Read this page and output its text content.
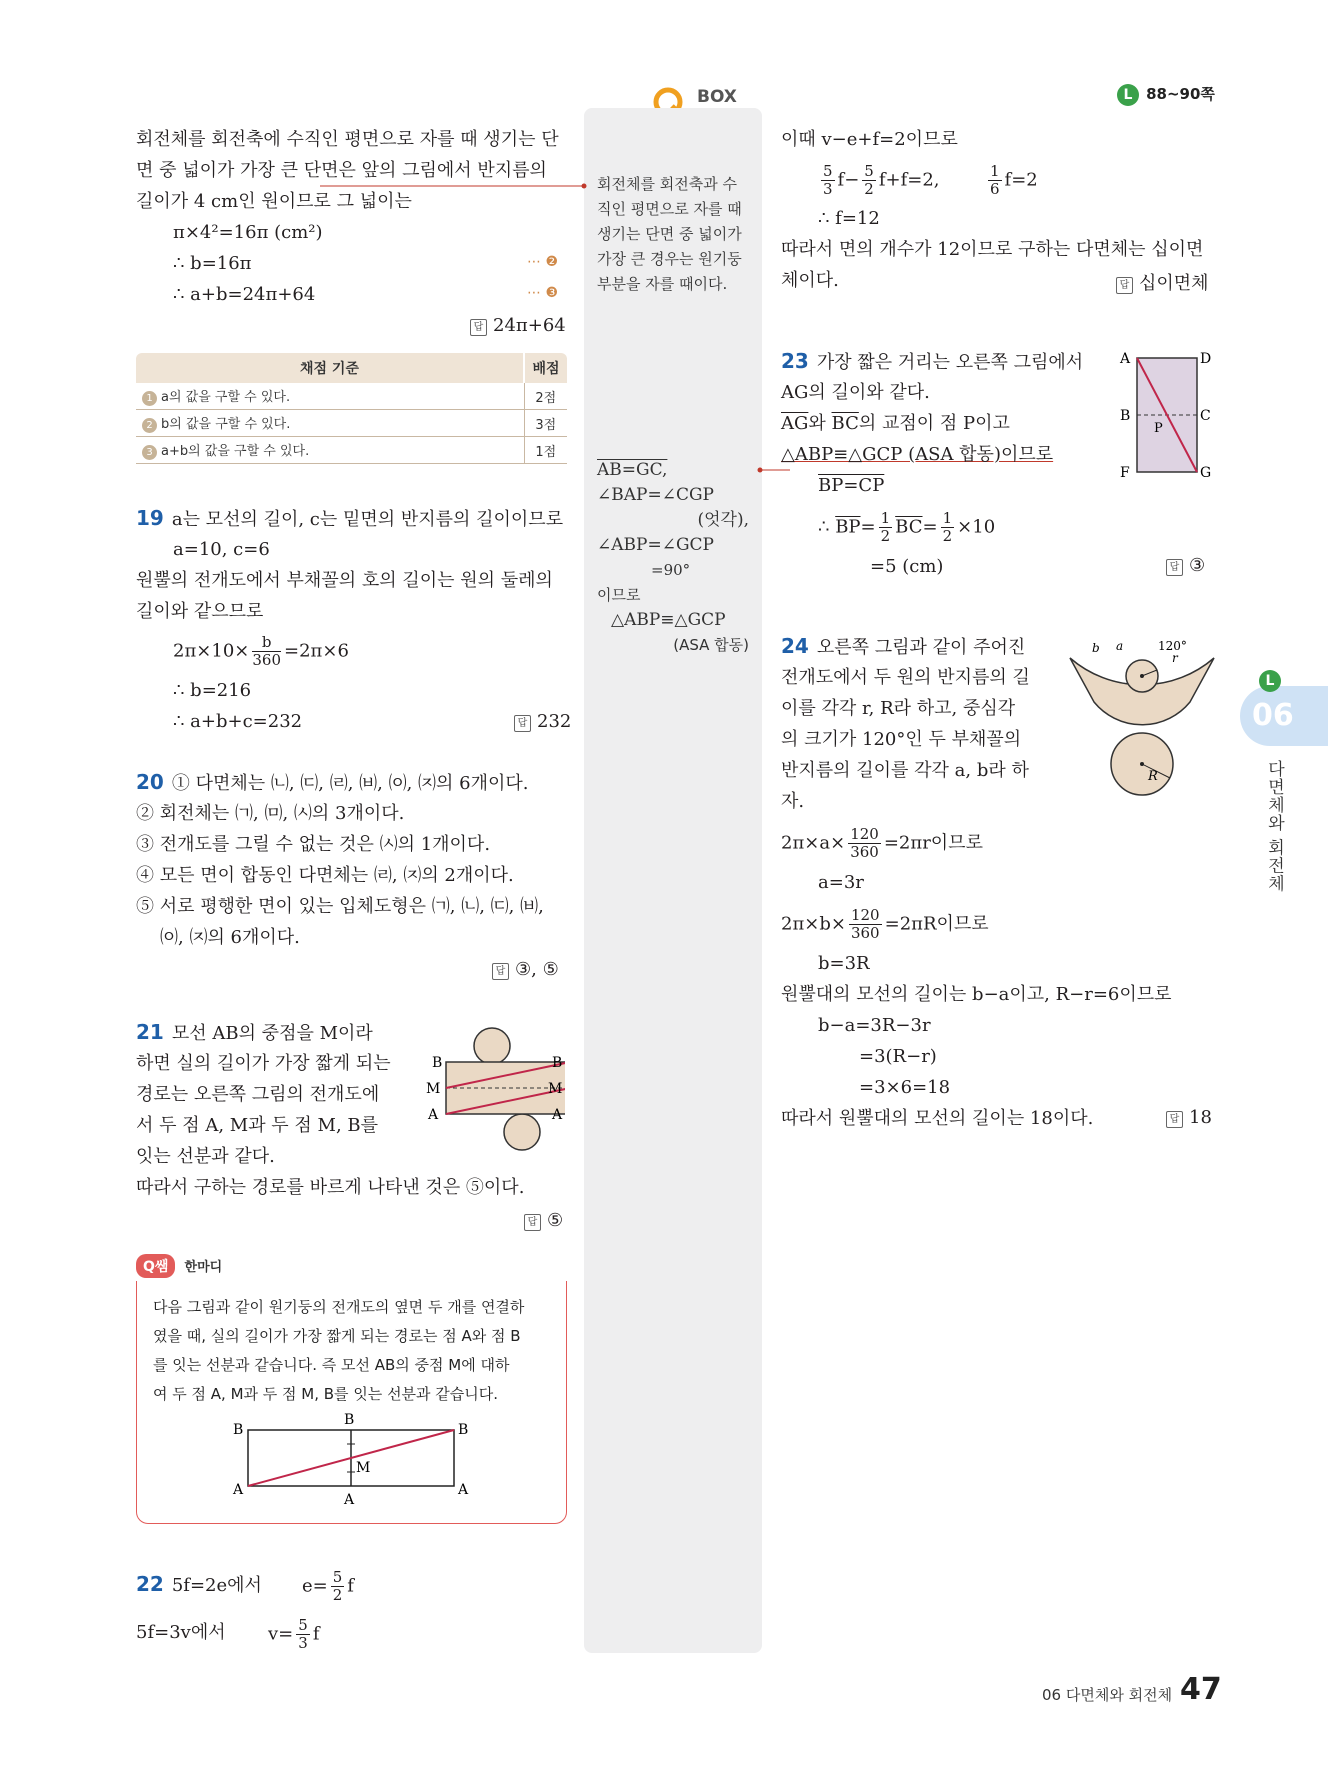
BOX	L 88~90쪽
회전체를 회전축과 수
직인 평면으로 자를 때
생기는 단면 중 넓이가
가장 큰 경우는 원기둥
부분을 자를 때이다.
AB=GC,
∠BAP=∠CGP
(엇각),
∠ABP=∠GCP
=90°
이므로
△ABP≡△GCP
(ASA 합동)
회전체를 회전축에 수직인 평면으로 자를 때 생기는 단
면 중 넓이가 가장 큰 단면은 앞의 그림에서 반지름의
길이가 4 cm인 원이므로 그 넓이는
π×4²=16π (cm²)
∴ b=16π	⋯ ❷
∴ a+b=24π+64	⋯ ❸
답 24π+64
채점 기준	배점
1 a의 값을 구할 수 있다.	2점
2 b의 값을 구할 수 있다.	3점
3 a+b의 값을 구할 수 있다.	1점
19 a는 모선의 길이, c는 밑면의 반지름의 길이이므로
a=10, c=6
원뿔의 전개도에서 부채꼴의 호의 길이는 원의 둘레의
길이와 같으므로
$2\pi\times 10\times \frac{b}{360} =2\pi\times 6$
∴ b=216
∴ a+b+c=232	답 232
20 ① 다면체는 ㈁, ㈂, ㈃, ㈅, ㈇, ㈈의 6개이다.
② 회전체는 ㈀, ㈄, ㈆의 3개이다.
③ 전개도를 그릴 수 없는 것은 ㈆의 1개이다.
④ 모든 면이 합동인 다면체는 ㈃, ㈈의 2개이다.
⑤ 서로 평행한 면이 있는 입체도형은 ㈀, ㈁, ㈂, ㈅,
㈇, ㈈의 6개이다.
답 ③, ⑤
21 모선 AB의 중점을 M이라
하면 실의 길이가 가장 짧게 되는
경로는 오른쪽 그림의 전개도에
서 두 점 A, M과 두 점 M, B를
잇는 선분과 같다.
따라서 구하는 경로를 바르게 나타낸 것은 ⑤이다.
답 ⑤
B
M
A
B
M
A
Q쌤 한마디
다음 그림과 같이 원기둥의 전개도의 옆면 두 개를 연결하
였을 때, 실의 길이가 가장 짧게 되는 경로는 점 A와 점 B
를 잇는 선분과 같습니다. 즉 모선 AB의 중점 M에 대하
여 두 점 A, M과 두 점 M, B를 잇는 선분과 같습니다.
B
B
B
M
A
A
A
22 5f=2e에서 $e= \frac{5}{2}$ f
5f=3v에서 $v= \frac{5}{3}$ f
이때 v−e+f=2이므로
$\frac{5}{3} f- \frac{5}{2} f+f=2$,	$\frac{1}{6} f=2$
∴ f=12
따라서 면의 개수가 12이므로 구하는 다면체는 십이면
체이다.	답 십이면체
23 가장 짧은 거리는 오른쪽 그림에서
AG의 길이와 같다.
$\overline{AG}$와 $\overline{BC}$의 교점이 점 P이고
△ABP≡△GCP (ASA 합동)이므로
BP=CP
∴ $\overline{BP}= \frac{1}{2} \overline{BC}= \frac{1}{2} \times 10$
=5 (cm)	답 ③
A	D
B	C
P
F	G
24 오른쪽 그림과 같이 주어진
전개도에서 두 원의 반지름의 길
이를 각각 r, R라 하고, 중심각
의 크기가 120°인 두 부채꼴의
반지름의 길이를 각각 a, b라 하
자.
$2\pi\times a\times \frac{120}{360} =2\pi r$이므로
a=3r
$2\pi\times b\times \frac{120}{360} =2\pi R$이므로
b=3R
원뿔대의 모선의 길이는 b−a이고, R−r=6이므로
b−a=3R−3r
=3(R−r)
=3×6=18
따라서 원뿔대의 모선의 길이는 18이다.	답 18
120°
b a
r
R
L
06
다면체와 회전체
06 다면체와 회전체 47
